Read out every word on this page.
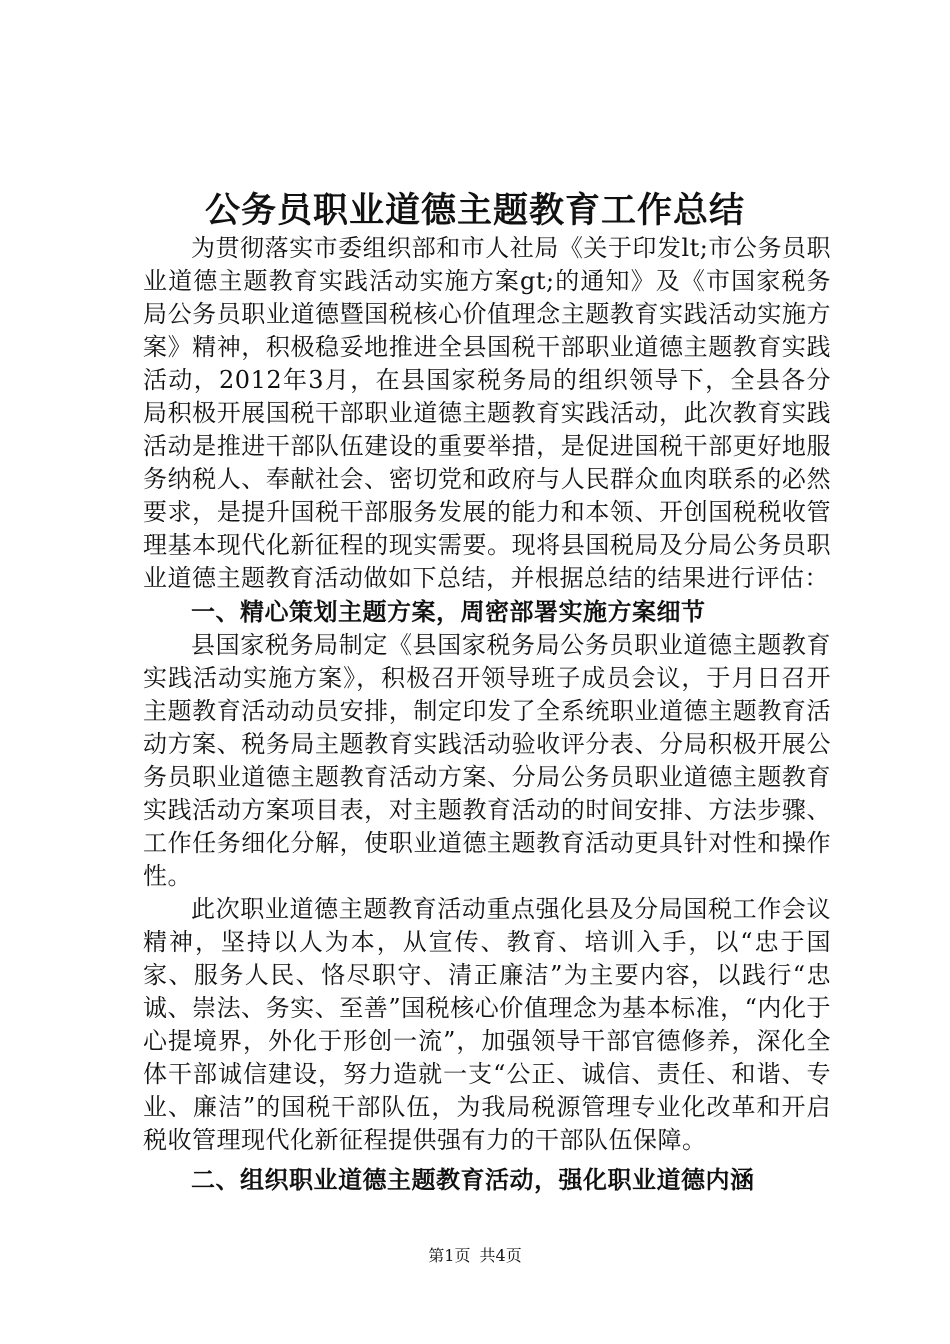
公务员职业道德主题教育工作总结

为贯彻落实市委组织部和市人社局《关于印发lt;市公务员职业道德主题教育实践活动实施方案gt;的通知》及《市国家税务局公务员职业道德暨国税核心价值理念主题教育实践活动实施方案》精神，积极稳妥地推进全县国税干部职业道德主题教育实践活动，2012年3月，在县国家税务局的组织领导下，全县各分局积极开展国税干部职业道德主题教育实践活动，此次教育实践活动是推进干部队伍建设的重要举措，是促进国税干部更好地服务纳税人、奉献社会、密切党和政府与人民群众血肉联系的必然要求，是提升国税干部服务发展的能力和本领、开创国税税收管理基本现代化新征程的现实需要。现将县国税局及分局公务员职业道德主题教育活动做如下总结，并根据总结的结果进行评估：

一、精心策划主题方案，周密部署实施方案细节

县国家税务局制定《县国家税务局公务员职业道德主题教育实践活动实施方案》，积极召开领导班子成员会议，于月日召开主题教育活动动员安排，制定印发了全系统职业道德主题教育活动方案、税务局主题教育实践活动验收评分表、分局积极开展公务员职业道德主题教育活动方案、分局公务员职业道德主题教育实践活动方案项目表，对主题教育活动的时间安排、方法步骤、工作任务细化分解，使职业道德主题教育活动更具针对性和操作性。

此次职业道德主题教育活动重点强化县及分局国税工作会议精神，坚持以人为本，从宣传、教育、培训入手，以“忠于国家、服务人民、恪尽职守、清正廉洁”为主要内容，以践行“忠诚、崇法、务实、至善”国税核心价值理念为基本标准，“内化于心提境界，外化于形创一流”，加强领导干部官德修养，深化全体干部诚信建设，努力造就一支“公正、诚信、责任、和谐、专业、廉洁”的国税干部队伍，为我局税源管理专业化改革和开启税收管理现代化新征程提供强有力的干部队伍保障。

二、组织职业道德主题教育活动，强化职业道德内涵
第1页 共4页
